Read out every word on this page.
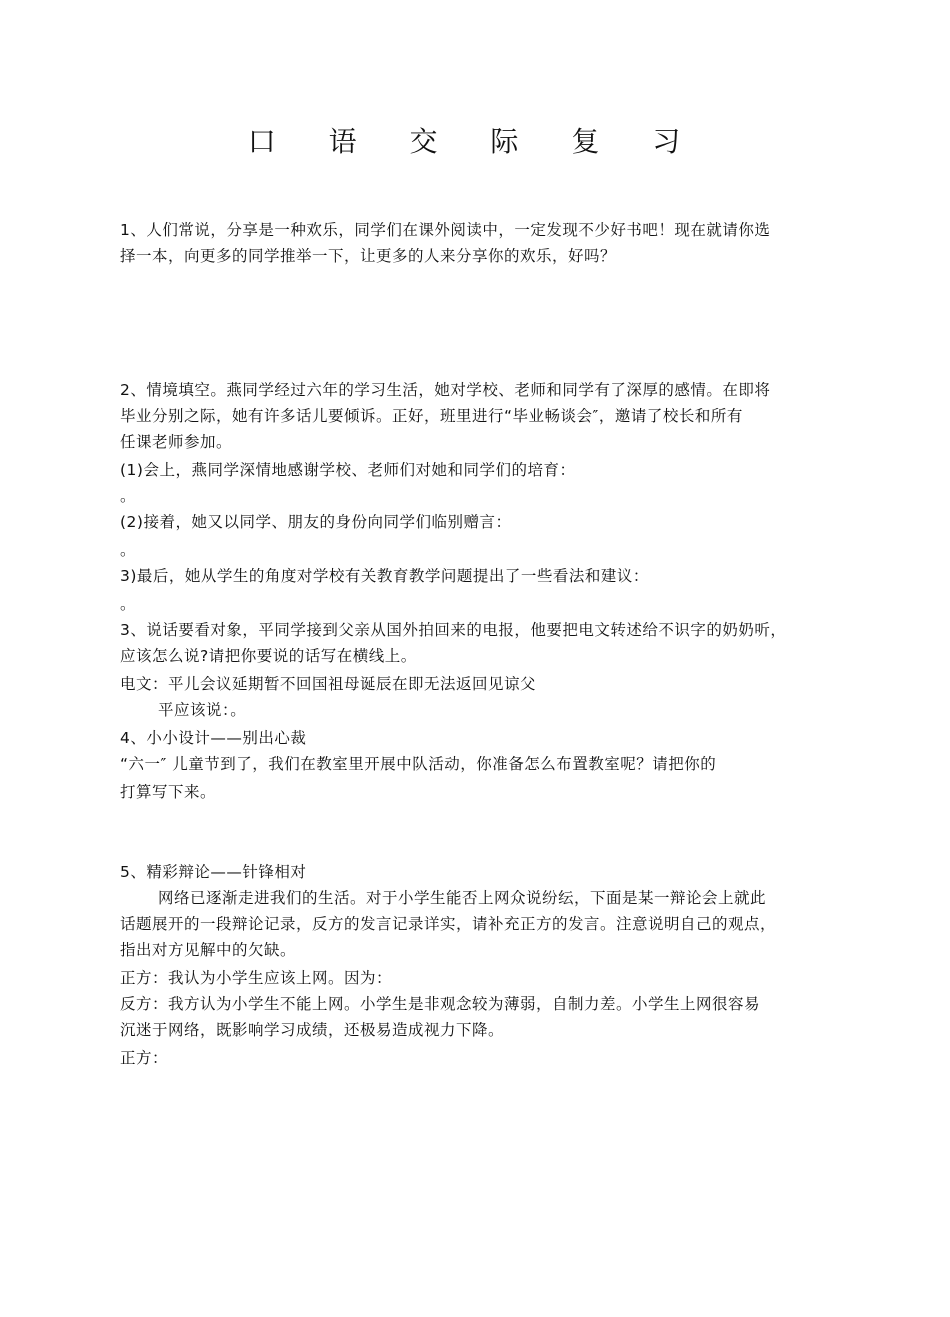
口 语 交 际 复 习
1、人们常说，分享是一种欢乐，同学们在课外阅读中，一定发现不少好书吧！现在就请你选
择一本，向更多的同学推举一下，让更多的人来分享你的欢乐，好吗？
2、情境填空。燕同学经过六年的学习生活，她对学校、老师和同学有了深厚的感情。在即将
毕业分别之际，她有许多话儿要倾诉。正好，班里进行“毕业畅谈会″，邀请了校长和所有
任课老师参加。
(1)会上，燕同学深情地感谢学校、老师们对她和同学们的培育：
。
(2)接着，她又以同学、朋友的身份向同学们临别赠言：
。
3)最后，她从学生的角度对学校有关教育教学问题提出了一些看法和建议：
。
3、说话要看对象，平同学接到父亲从国外拍回来的电报，他要把电文转述给不识字的奶奶听，
应该怎么说?请把你要说的话写在横线上。
电文：平儿会议延期暂不回国祖母诞辰在即无法返回见谅父
平应该说：。
4、小小设计——别出心裁
“六一″ 儿童节到了，我们在教室里开展中队活动，你准备怎么布置教室呢？请把你的
打算写下来。
5、精彩辩论——针锋相对
网络已逐渐走进我们的生活。对于小学生能否上网众说纷纭，下面是某一辩论会上就此
话题展开的一段辩论记录，反方的发言记录详实，请补充正方的发言。注意说明自己的观点，
指出对方见解中的欠缺。
正方：我认为小学生应该上网。因为：
反方：我方认为小学生不能上网。小学生是非观念较为薄弱，自制力差。小学生上网很容易
沉迷于网络，既影响学习成绩，还极易造成视力下降。
正方：
